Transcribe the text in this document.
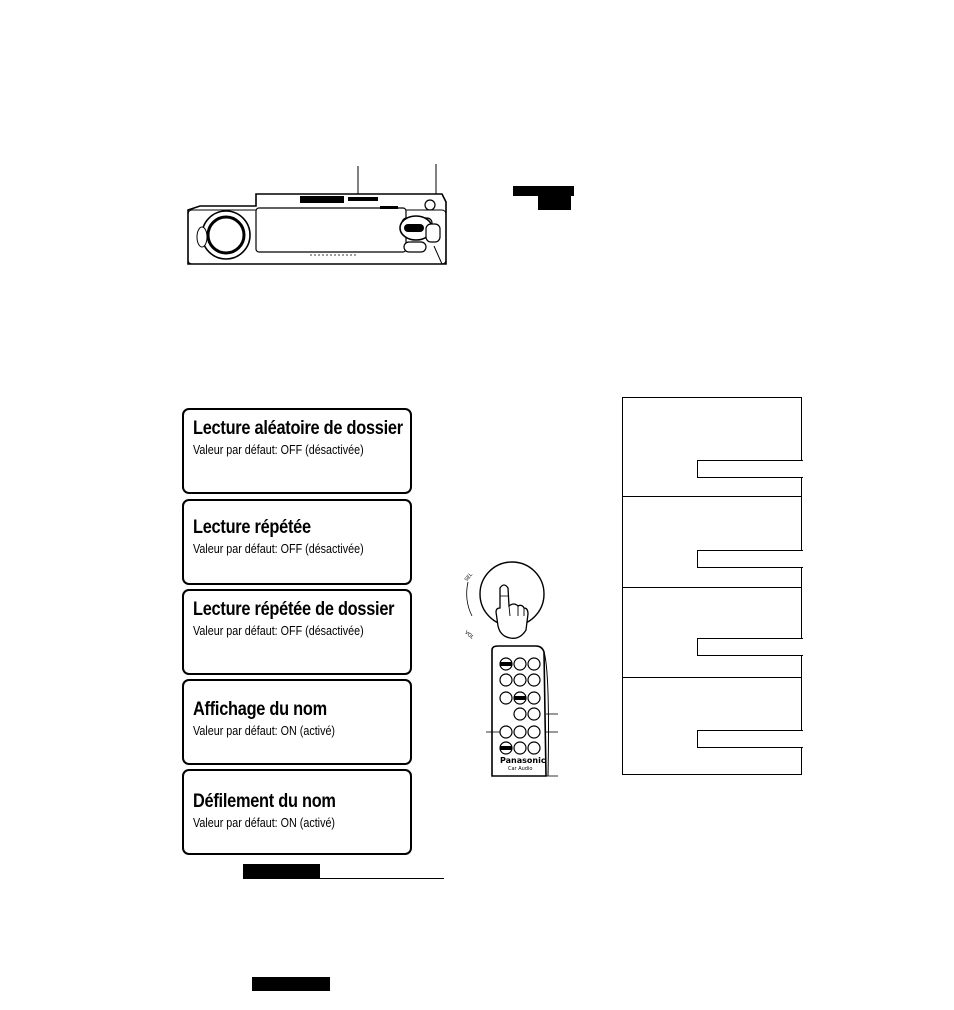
Lecture aléatoire de dossier
Valeur par défaut: OFF (désactivée)
Lecture répétée
Valeur par défaut: OFF (désactivée)
Lecture répétée de dossier
Valeur par défaut: OFF (désactivée)
Affichage du nom
Valeur par défaut: ON (activé)
Défilement du nom
Valeur par défaut: ON (activé)
SEL
VOL
Panasonic
Car Audio
